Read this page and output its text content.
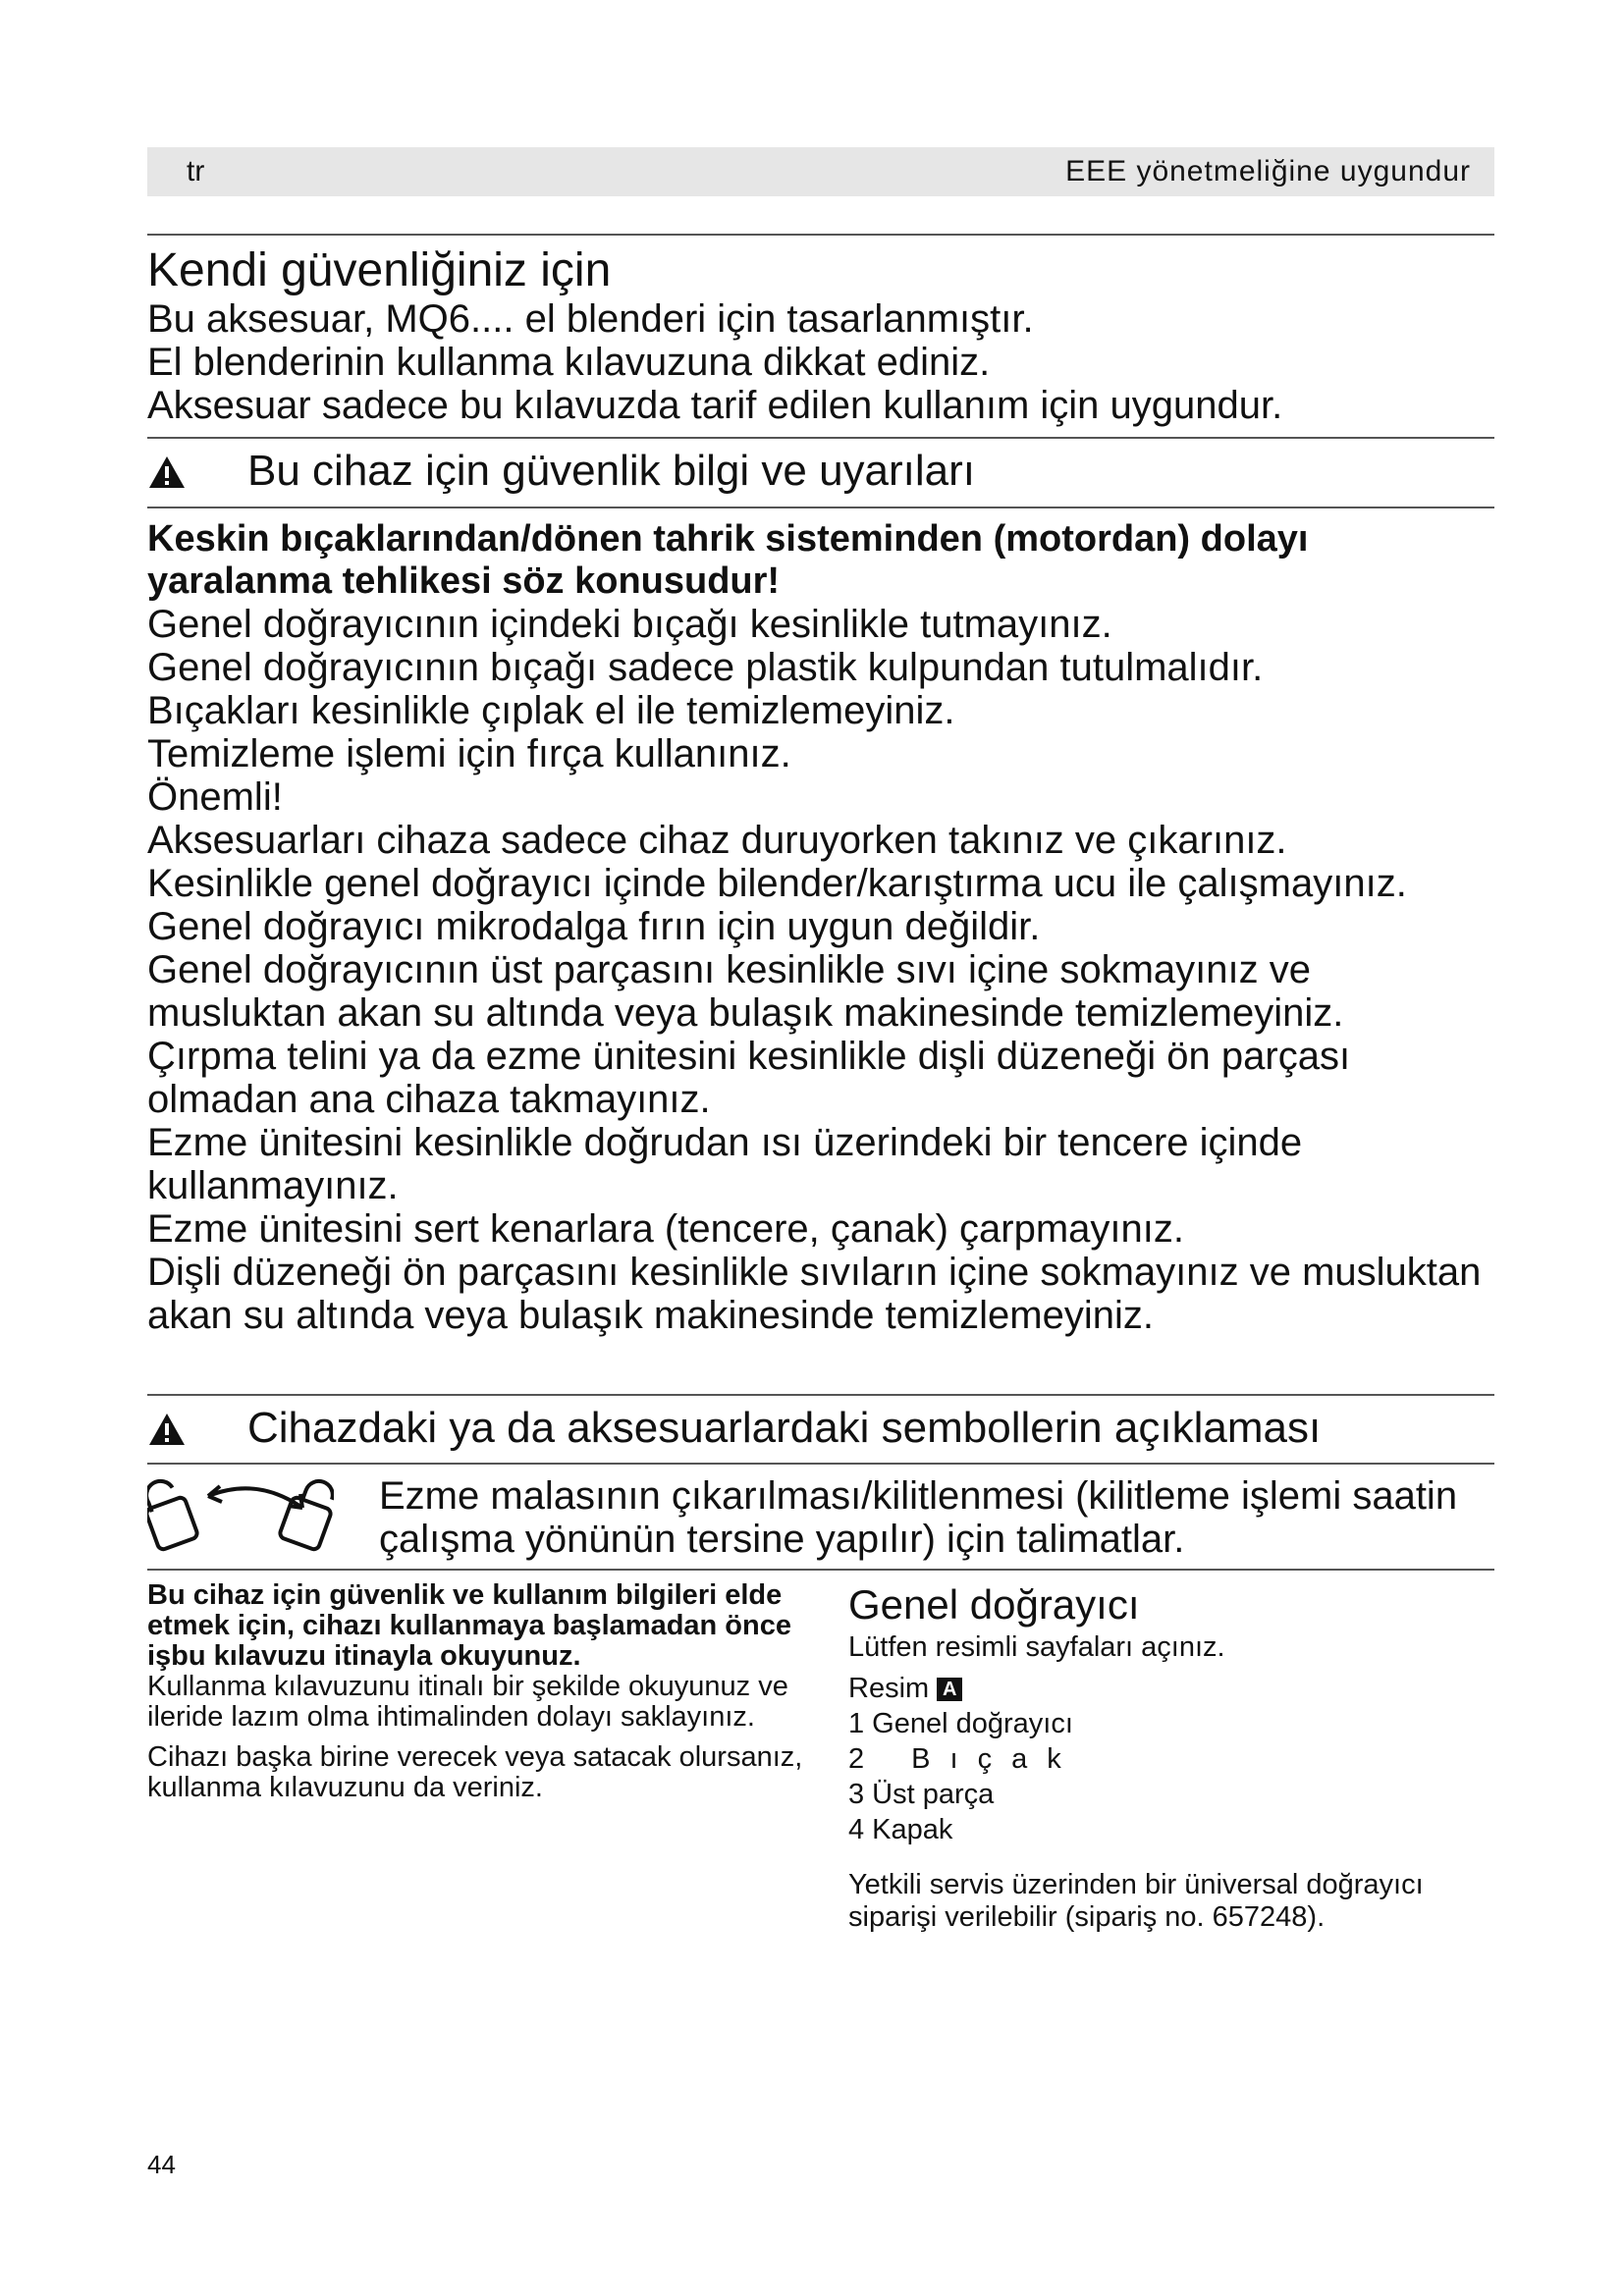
tr	EEE yönetmeliğine uygundur
Kendi güvenliğiniz için

Bu aksesuar, MQ6.... el blenderi için tasarlanmıştır.

El blenderinin kullanma kılavuzuna dikkat ediniz.

Aksesuar sadece bu kılavuzda tarif edilen kullanım için uygundur.

Bu cihaz için güvenlik bilgi ve uyarıları

Keskin bıçaklarından/dönen tahrik sisteminden (motordan) dolayı yaralanma tehlikesi söz konusudur!

Genel doğrayıcının içindeki bıçağı kesinlikle tutmayınız.

Genel doğrayıcının bıçağı sadece plastik kulpundan tutulmalıdır.

Bıçakları kesinlikle çıplak el ile temizlemeyiniz.

Temizleme işlemi için fırça kullanınız.

Önemli!

Aksesuarları cihaza sadece cihaz duruyorken takınız ve çıkarınız.

Kesinlikle genel doğrayıcı içinde bilender/karıştırma ucu ile çalışmayınız. Genel doğrayıcı mikrodalga fırın için uygun değildir.

Genel doğrayıcının üst parçasını kesinlikle sıvı içine sokmayınız ve musluktan akan su altında veya bulaşık makinesinde temizlemeyiniz.

Çırpma telini ya da ezme ünitesini kesinlikle dişli düzeneği ön parçası olmadan ana cihaza takmayınız.

Ezme ünitesini kesinlikle doğrudan ısı üzerindeki bir tencere içinde kullanmayınız.

Ezme ünitesini sert kenarlara (tencere, çanak) çarpmayınız.

Dişli düzeneği ön parçasını kesinlikle sıvıların içine sokmayınız ve musluktan akan su altında veya bulaşık makinesinde temizlemeyiniz.

Cihazdaki ya da aksesuarlardaki sembollerin açıklaması
Ezme malasının çıkarılması/kilitlenmesi (kilitleme işlemi saatin çalışma yönünün tersine yapılır) için talimatlar.

Bu cihaz için güvenlik ve kullanım bilgileri elde etmek için, cihazı kullanmaya başlamadan önce işbu kılavuzu itinayla okuyunuz.

Kullanma kılavuzunu itinalı bir şekilde okuyunuz ve ileride lazım olma ihtimalinden dolayı saklayınız.

Cihazı başka birine verecek veya satacak olursanız, kullanma kılavuzunu da veriniz.

Genel doğrayıcı

Lütfen resimli sayfaları açınız.

Resim A

1 Genel doğrayıcı

2 Bıçak

3 Üst parça

4 Kapak

Yetkili servis üzerinden bir üniversal doğrayıcı siparişi verilebilir (sipariş no. 657248).

44
